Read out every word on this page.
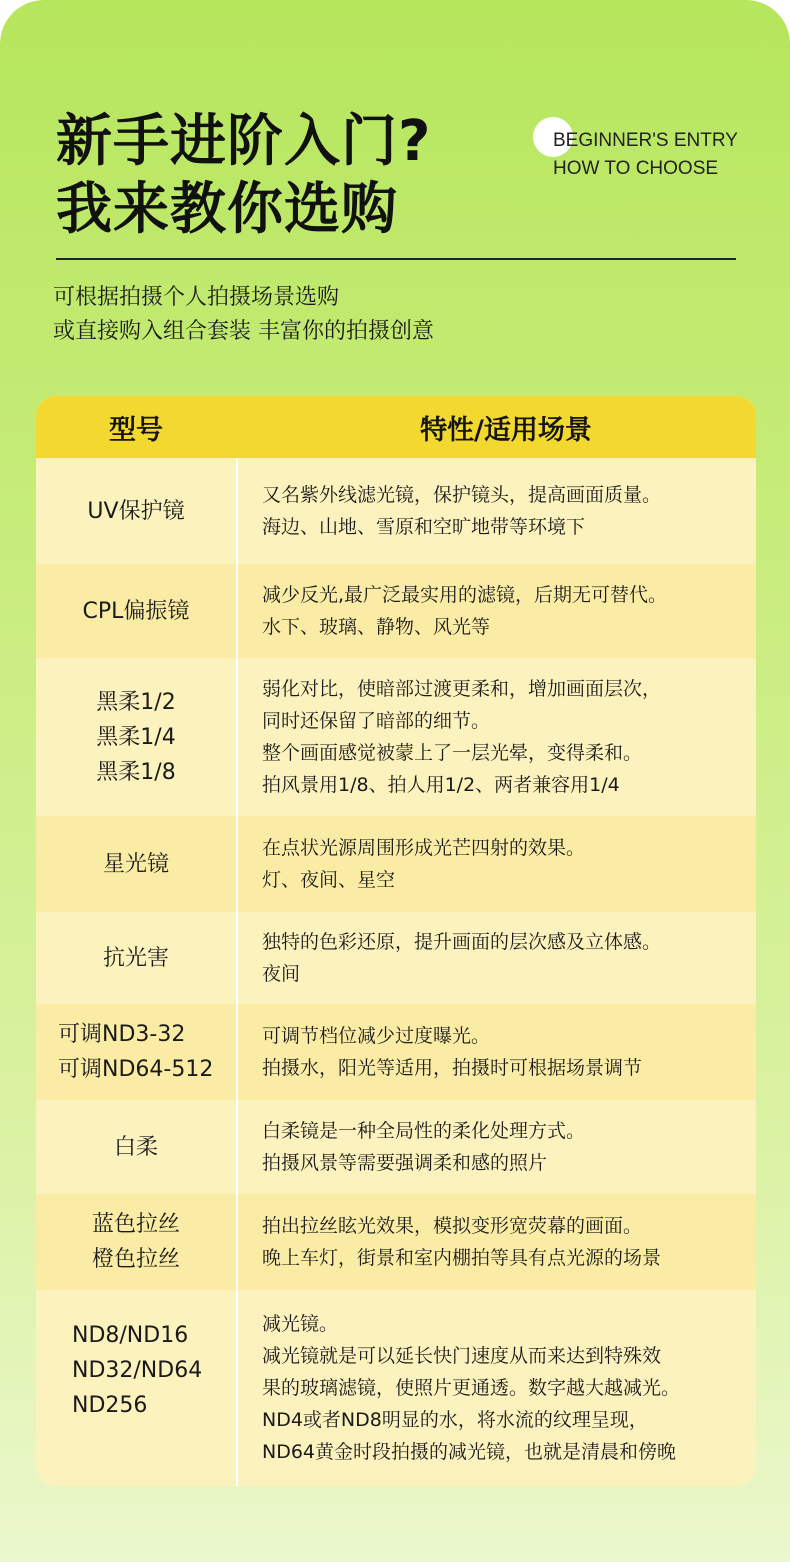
新手进阶入门?
我来教你选购
BEGINNER'S ENTRY
HOW TO CHOOSE
可根据拍摄个人拍摄场景选购
或直接购入组合套装 丰富你的拍摄创意
型号	特性/适用场景
UV保护镜
又名紫外线滤光镜，保护镜头，提高画面质量。
海边、山地、雪原和空旷地带等环境下
CPL偏振镜
减少反光,最广泛最实用的滤镜，后期无可替代。
水下、玻璃、静物、风光等
黑柔1/2
黑柔1/4
黑柔1/8
弱化对比，使暗部过渡更柔和，增加画面层次，
同时还保留了暗部的细节。
整个画面感觉被蒙上了一层光晕，变得柔和。
拍风景用1/8、拍人用1/2、两者兼容用1/4
星光镜
在点状光源周围形成光芒四射的效果。
灯、夜间、星空
抗光害
独特的色彩还原，提升画面的层次感及立体感。
夜间
可调ND3-32
可调ND64-512
可调节档位减少过度曝光。
拍摄水，阳光等适用，拍摄时可根据场景调节
白柔
白柔镜是一种全局性的柔化处理方式。
拍摄风景等需要强调柔和感的照片
蓝色拉丝
橙色拉丝
拍出拉丝眩光效果，模拟变形宽荧幕的画面。
晚上车灯，街景和室内棚拍等具有点光源的场景
ND8/ND16
ND32/ND64
ND256
减光镜。
减光镜就是可以延长快门速度从而来达到特殊效
果的玻璃滤镜，使照片更通透。数字越大越减光。
ND4或者ND8明显的水，将水流的纹理呈现，
ND64黄金时段拍摄的减光镜，也就是清晨和傍晚
